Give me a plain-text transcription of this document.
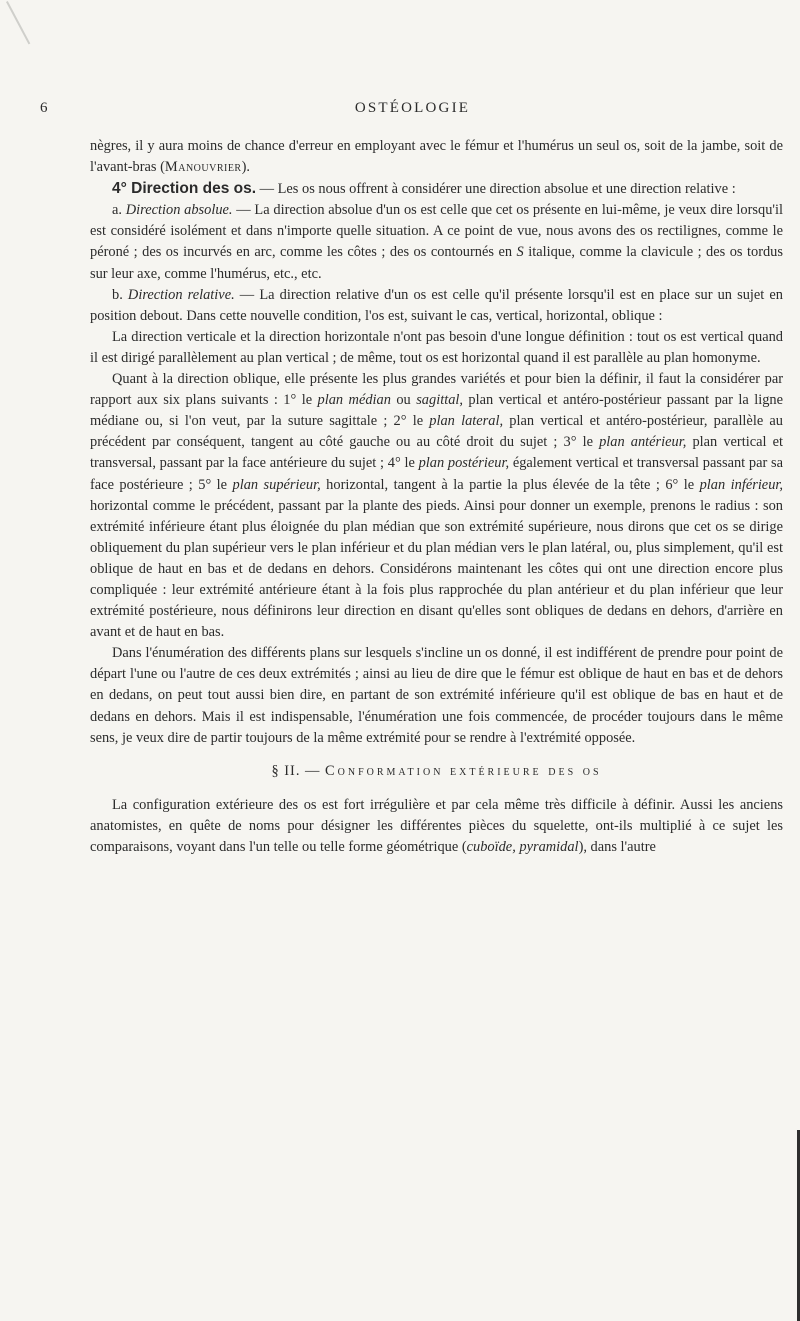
6	OSTÉOLOGIE

nègres, il y aura moins de chance d'erreur en employant avec le fémur et l'humérus un seul os, soit de la jambe, soit de l'avant-bras (Manouvrier).

4° Direction des os. — Les os nous offrent à considérer une direction absolue et une direction relative :

a. Direction absolue. — La direction absolue d'un os est celle que cet os présente en lui-même, je veux dire lorsqu'il est considéré isolément et dans n'importe quelle situation. A ce point de vue, nous avons des os rectilignes, comme le péroné ; des os incurvés en arc, comme les côtes ; des os contournés en S italique, comme la clavicule ; des os tordus sur leur axe, comme l'humérus, etc., etc.

b. Direction relative. — La direction relative d'un os est celle qu'il présente lorsqu'il est en place sur un sujet en position debout. Dans cette nouvelle condition, l'os est, suivant le cas, vertical, horizontal, oblique :

La direction verticale et la direction horizontale n'ont pas besoin d'une longue définition : tout os est vertical quand il est dirigé parallèlement au plan vertical ; de même, tout os est horizontal quand il est parallèle au plan homonyme.

Quant à la direction oblique, elle présente les plus grandes variétés et pour bien la définir, il faut la considérer par rapport aux six plans suivants : 1° le plan médian ou sagittal, plan vertical et antéro-postérieur passant par la ligne médiane ou, si l'on veut, par la suture sagittale ; 2° le plan lateral, plan vertical et antéro-postérieur, parallèle au précédent par conséquent, tangent au côté gauche ou au côté droit du sujet ; 3° le plan antérieur, plan vertical et transversal, passant par la face antérieure du sujet ; 4° le plan postérieur, également vertical et transversal passant par sa face postérieure ; 5° le plan supérieur, horizontal, tangent à la partie la plus élevée de la tête ; 6° le plan inférieur, horizontal comme le précédent, passant par la plante des pieds. Ainsi pour donner un exemple, prenons le radius : son extrémité inférieure étant plus éloignée du plan médian que son extrémité supérieure, nous dirons que cet os se dirige obliquement du plan supérieur vers le plan inférieur et du plan médian vers le plan latéral, ou, plus simplement, qu'il est oblique de haut en bas et de dedans en dehors. Considérons maintenant les côtes qui ont une direction encore plus compliquée : leur extrémité antérieure étant à la fois plus rapprochée du plan antérieur et du plan inférieur que leur extrémité postérieure, nous définirons leur direction en disant qu'elles sont obliques de dedans en dehors, d'arrière en avant et de haut en bas.

Dans l'énumération des différents plans sur lesquels s'incline un os donné, il est indifférent de prendre pour point de départ l'une ou l'autre de ces deux extrémités ; ainsi au lieu de dire que le fémur est oblique de haut en bas et de dehors en dedans, on peut tout aussi bien dire, en partant de son extrémité inférieure qu'il est oblique de bas en haut et de dedans en dehors. Mais il est indispensable, l'énumération une fois commencée, de procéder toujours dans le même sens, je veux dire de partir toujours de la même extrémité pour se rendre à l'extrémité opposée.

§ II. — Conformation extérieure des os

La configuration extérieure des os est fort irrégulière et par cela même très difficile à définir. Aussi les anciens anatomistes, en quête de noms pour désigner les différentes pièces du squelette, ont-ils multiplié à ce sujet les comparaisons, voyant dans l'un telle ou telle forme géométrique (cuboïde, pyramidal), dans l'autre
